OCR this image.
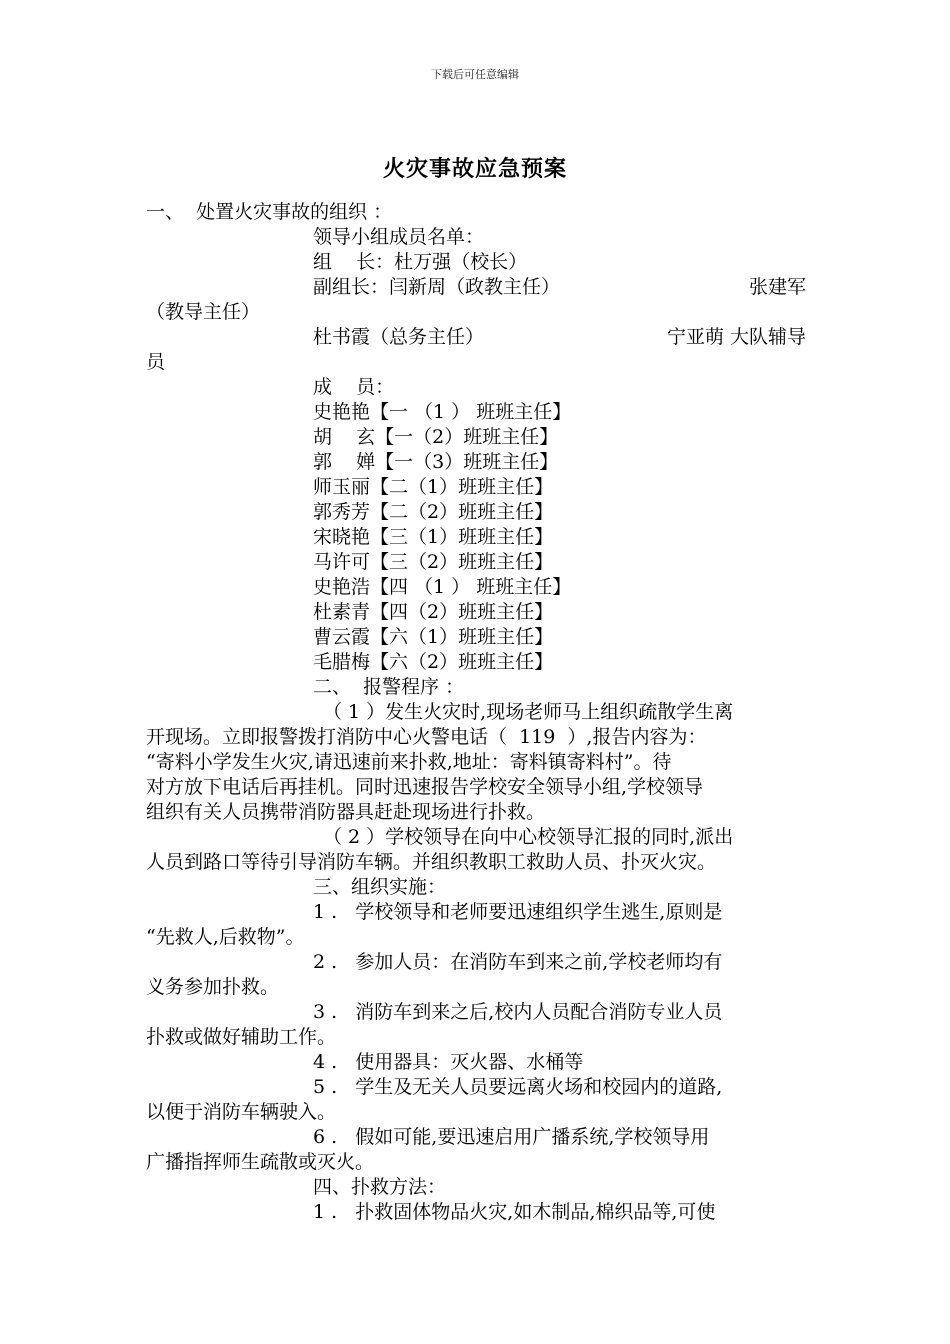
下载后可任意编辑
火灾事故应急预案
一、  处置火灾事故的组织 ：
领导小组成员名单：
组    长：杜万强（校长）
副组长：闫新周（政教主任）	张建军
（教导主任）
杜书霞（总务主任）	宁亚萌 大队辅导
员
成    员：
史艳艳【一 （1 ） 班班主任】
胡    玄【一（2）班班主任】
郭    婵【一（3）班班主任】
师玉丽【二（1）班班主任】
郭秀芳【二（2）班班主任】
宋晓艳【三（1）班班主任】
马许可【三（2）班班主任】
史艳浩【四 （1 ） 班班主任】
杜素青【四（2）班班主任】
曹云霞【六（1）班班主任】
毛腊梅【六（2）班班主任】
二、  报警程序 ：
（ 1 ）发生火灾时,现场老师马上组织疏散学生离
开现场。立即报警拨打消防中心火警电话（  119  ）,报告内容为：
“寄料小学发生火灾,请迅速前来扑救,地址：寄料镇寄料村”。待
对方放下电话后再挂机。同时迅速报告学校安全领导小组,学校领导
组织有关人员携带消防器具赶赴现场进行扑救。
（ 2 ）学校领导在向中心校领导汇报的同时,派出
人员到路口等待引导消防车辆。并组织教职工救助人员、扑灭火灾。
三、组织实施：
1 .   学校领导和老师要迅速组织学生逃生,原则是
“先救人,后救物”。
2 .   参加人员：在消防车到来之前,学校老师均有
义务参加扑救。
3 .   消防车到来之后,校内人员配合消防专业人员
扑救或做好辅助工作。
4 .   使用器具：灭火器、水桶等
5 .   学生及无关人员要远离火场和校园内的道路,
以便于消防车辆驶入。
6 .   假如可能,要迅速启用广播系统,学校领导用
广播指挥师生疏散或灭火。
四、扑救方法：
1 .   扑救固体物品火灾,如木制品,棉织品等,可使
